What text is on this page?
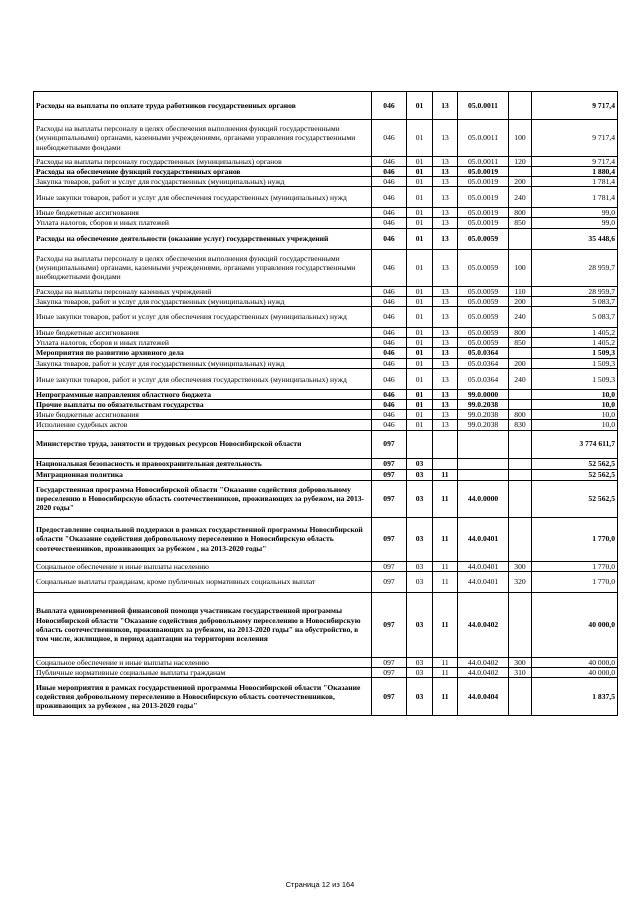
Расходы на выплаты по оплате труда работников государственных органов	046	01	13	05.0.0011		9 717,4
Расходы на выплаты персоналу в целях обеспечения выполнения функций государственными (муниципальными) органами, казенными учреждениями, органами управления государственными внебюджетными фондами	046	01	13	05.0.0011	100	9 717,4
Расходы на выплаты персоналу государственных (муниципальных) органов	046	01	13	05.0.0011	120	9 717,4
Расходы на обеспечение функций государственных органов	046	01	13	05.0.0019		1 880,4
Закупка товаров, работ и услуг для государственных (муниципальных) нужд	046	01	13	05.0.0019	200	1 781,4
Иные закупки товаров, работ и услуг для обеспечения государственных (муниципальных) нужд	046	01	13	05.0.0019	240	1 781,4
Иные бюджетные ассигнования	046	01	13	05.0.0019	800	99,0
Уплата налогов, сборов и иных платежей	046	01	13	05.0.0019	850	99,0
Расходы на обеспечение деятельности (оказание услуг) государственных учреждений	046	01	13	05.0.0059		35 448,6
Расходы на выплаты персоналу в целях обеспечения выполнения функций государственными (муниципальными) органами, казенными учреждениями, органами управления государственными внебюджетными фондами	046	01	13	05.0.0059	100	28 959,7
Расходы на выплаты персоналу казенных учреждений	046	01	13	05.0.0059	110	28 959,7
Закупка товаров, работ и услуг для государственных (муниципальных) нужд	046	01	13	05.0.0059	200	5 083,7
Иные закупки товаров, работ и услуг для обеспечения государственных (муниципальных) нужд	046	01	13	05.0.0059	240	5 083,7
Иные бюджетные ассигнования	046	01	13	05.0.0059	800	1 405,2
Уплата налогов, сборов и иных платежей	046	01	13	05.0.0059	850	1 405,2
Мероприятия по развитию архивного дела	046	01	13	05.0.0364		1 509,3
Закупка товаров, работ и услуг для государственных (муниципальных) нужд	046	01	13	05.0.0364	200	1 509,3
Иные закупки товаров, работ и услуг для обеспечения государственных (муниципальных) нужд	046	01	13	05.0.0364	240	1 509,3
Непрограммные направления областного бюджета	046	01	13	99.0.0000		10,0
Прочие выплаты по обязательствам государства	046	01	13	99.0.2038		10,0
Иные бюджетные ассигнования	046	01	13	99.0.2038	800	10,0
Исполнение судебных актов	046	01	13	99.0.2038	830	10,0
Министерство труда, занятости и трудовых ресурсов Новосибирской области	097					3 774 611,7
Национальная безопасность и правоохранительная деятельность	097	03				52 562,5
Миграционная политика	097	03	11			52 562,5
Государственная программа Новосибирской области "Оказание содействия добровольному переселению в Новосибирскую область соотечественников, проживающих за рубежом, на 2013-2020 годы"	097	03	11	44.0.0000		52 562,5
Предоставление социальной поддержки в рамках государственной программы Новосибирской области "Оказание содействия добровольному переселению в Новосибирскую область соотечественников, проживающих за рубежом , на 2013-2020 годы"	097	03	11	44.0.0401		1 770,0
Социальное обеспечение и иные выплаты населению	097	03	11	44.0.0401	300	1 770,0
Социальные выплаты гражданам, кроме публичных нормативных социальных выплат	097	03	11	44.0.0401	320	1 770,0
Выплата единовременной финансовой помощи участникам государственной программы Новосибирской области "Оказание содействия добровольному переселению в Новосибирскую область соотечественников, проживающих за рубежом, на 2013-2020 годы" на обустройство, в том числе, жилищное, в период адаптации на территории вселения	097	03	11	44.0.0402		40 000,0
Социальное обеспечение и иные выплаты населению	097	03	11	44.0.0402	300	40 000,0
Публичные нормативные социальные выплаты гражданам	097	03	11	44.0.0402	310	40 000,0
Иные мероприятия в рамках государственной программы Новосибирской области "Оказание содействия добровольному переселению в Новосибирскую область соотечественников, проживающих за рубежом , на 2013-2020 годы"	097	03	11	44.0.0404		1 837,5
Страница 12 из 164
